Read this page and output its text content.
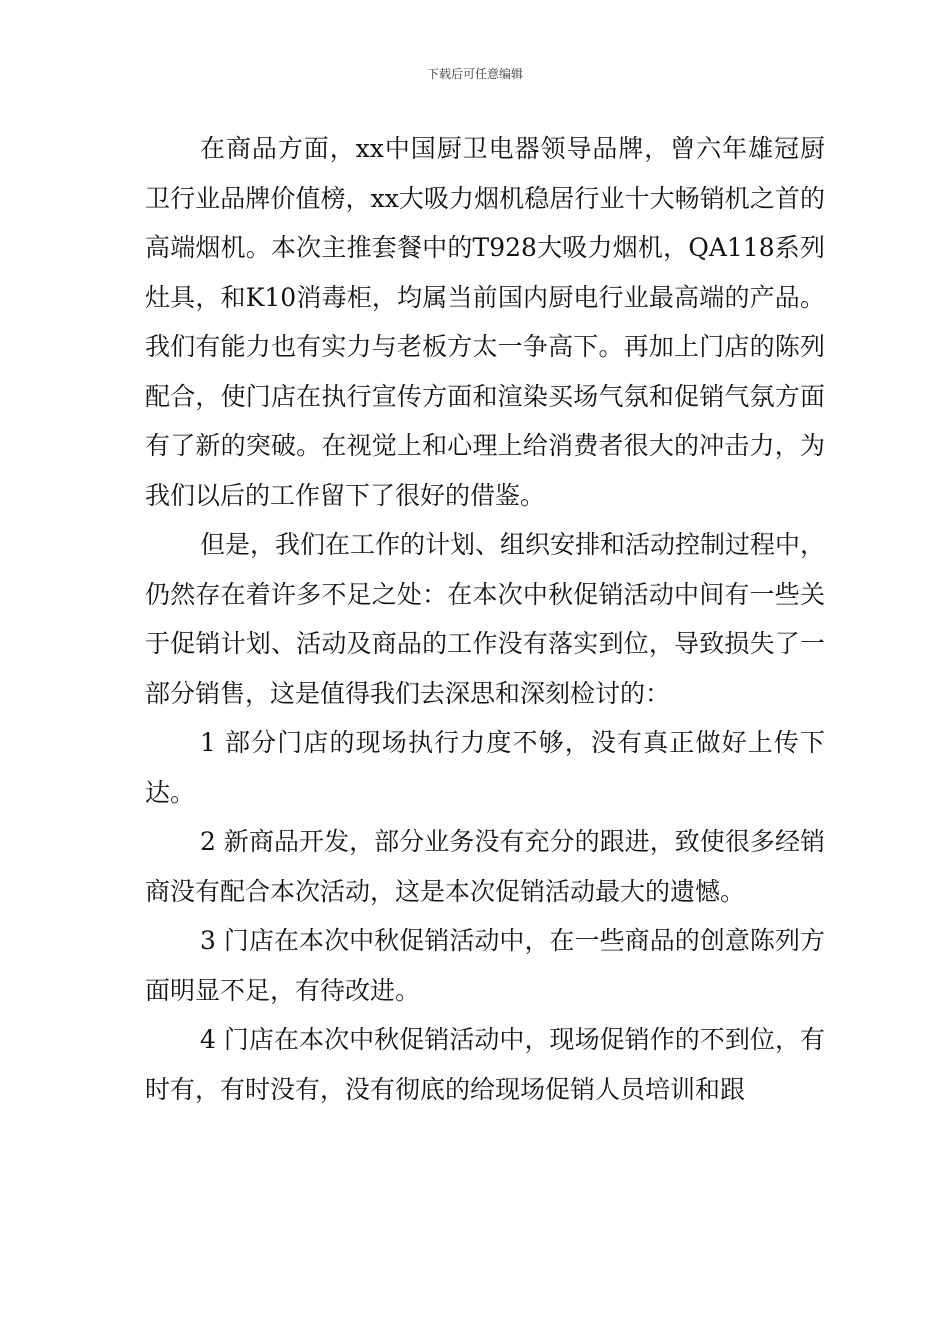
下载后可任意编辑

在商品方面，xx中国厨卫电器领导品牌，曾六年雄冠厨卫行业品牌价值榜，xx大吸力烟机稳居行业十大畅销机之首的高端烟机。本次主推套餐中的T928大吸力烟机，QA118系列灶具，和K10消毒柜，均属当前国内厨电行业最高端的产品。我们有能力也有实力与老板方太一争高下。再加上门店的陈列配合，使门店在执行宣传方面和渲染买场气氛和促销气氛方面有了新的突破。在视觉上和心理上给消费者很大的冲击力，为我们以后的工作留下了很好的借鉴。

但是，我们在工作的计划、组织安排和活动控制过程中，仍然存在着许多不足之处：在本次中秋促销活动中间有一些关于促销计划、活动及商品的工作没有落实到位，导致损失了一部分销售，这是值得我们去深思和深刻检讨的：

1 部分门店的现场执行力度不够，没有真正做好上传下达。

2 新商品开发，部分业务没有充分的跟进，致使很多经销商没有配合本次活动，这是本次促销活动最大的遗憾。

3 门店在本次中秋促销活动中，在一些商品的创意陈列方面明显不足，有待改进。

4 门店在本次中秋促销活动中，现场促销作的不到位，有时有，有时没有，没有彻底的给现场促销人员培训和跟
